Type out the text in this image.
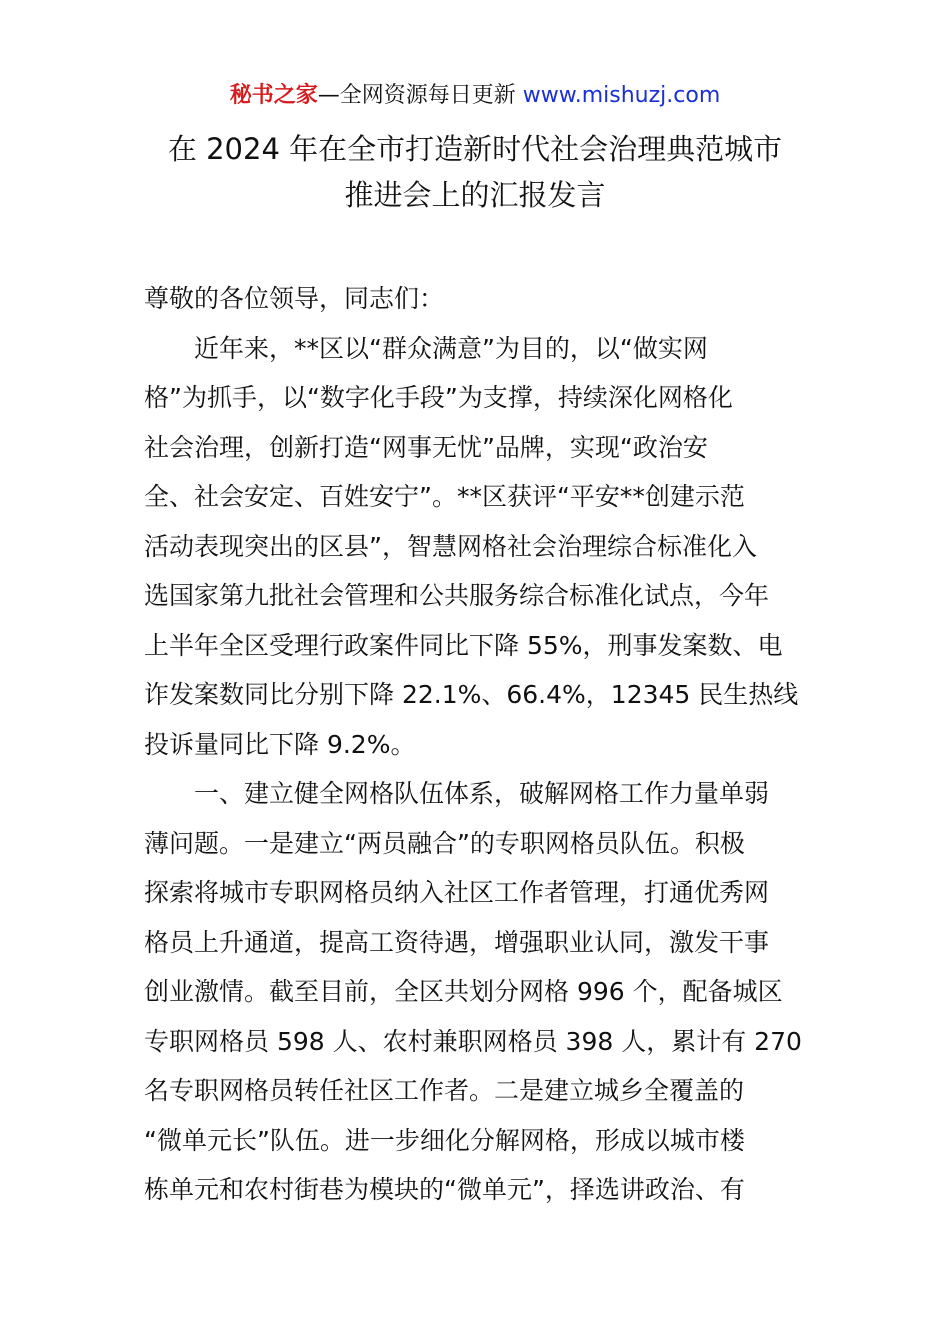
秘书之家—全网资源每日更新 www.mishuzj.com
在 2024 年在全市打造新时代社会治理典范城市
推进会上的汇报发言
尊敬的各位领导，同志们：
近年来，**区以“群众满意”为目的，以“做实网
格”为抓手，以“数字化手段”为支撑，持续深化网格化
社会治理，创新打造“网事无忧”品牌，实现“政治安
全、社会安定、百姓安宁”。**区获评“平安**创建示范
活动表现突出的区县”，智慧网格社会治理综合标准化入
选国家第九批社会管理和公共服务综合标准化试点，今年
上半年全区受理行政案件同比下降 55%，刑事发案数、电
诈发案数同比分别下降 22.1%、66.4%，12345 民生热线
投诉量同比下降 9.2%。
一、建立健全网格队伍体系，破解网格工作力量单弱
薄问题。一是建立“两员融合”的专职网格员队伍。积极
探索将城市专职网格员纳入社区工作者管理，打通优秀网
格员上升通道，提高工资待遇，增强职业认同，激发干事
创业激情。截至目前，全区共划分网格 996 个，配备城区
专职网格员 598 人、农村兼职网格员 398 人，累计有 270
名专职网格员转任社区工作者。二是建立城乡全覆盖的
“微单元长”队伍。进一步细化分解网格，形成以城市楼
栋单元和农村街巷为模块的“微单元”，择选讲政治、有
